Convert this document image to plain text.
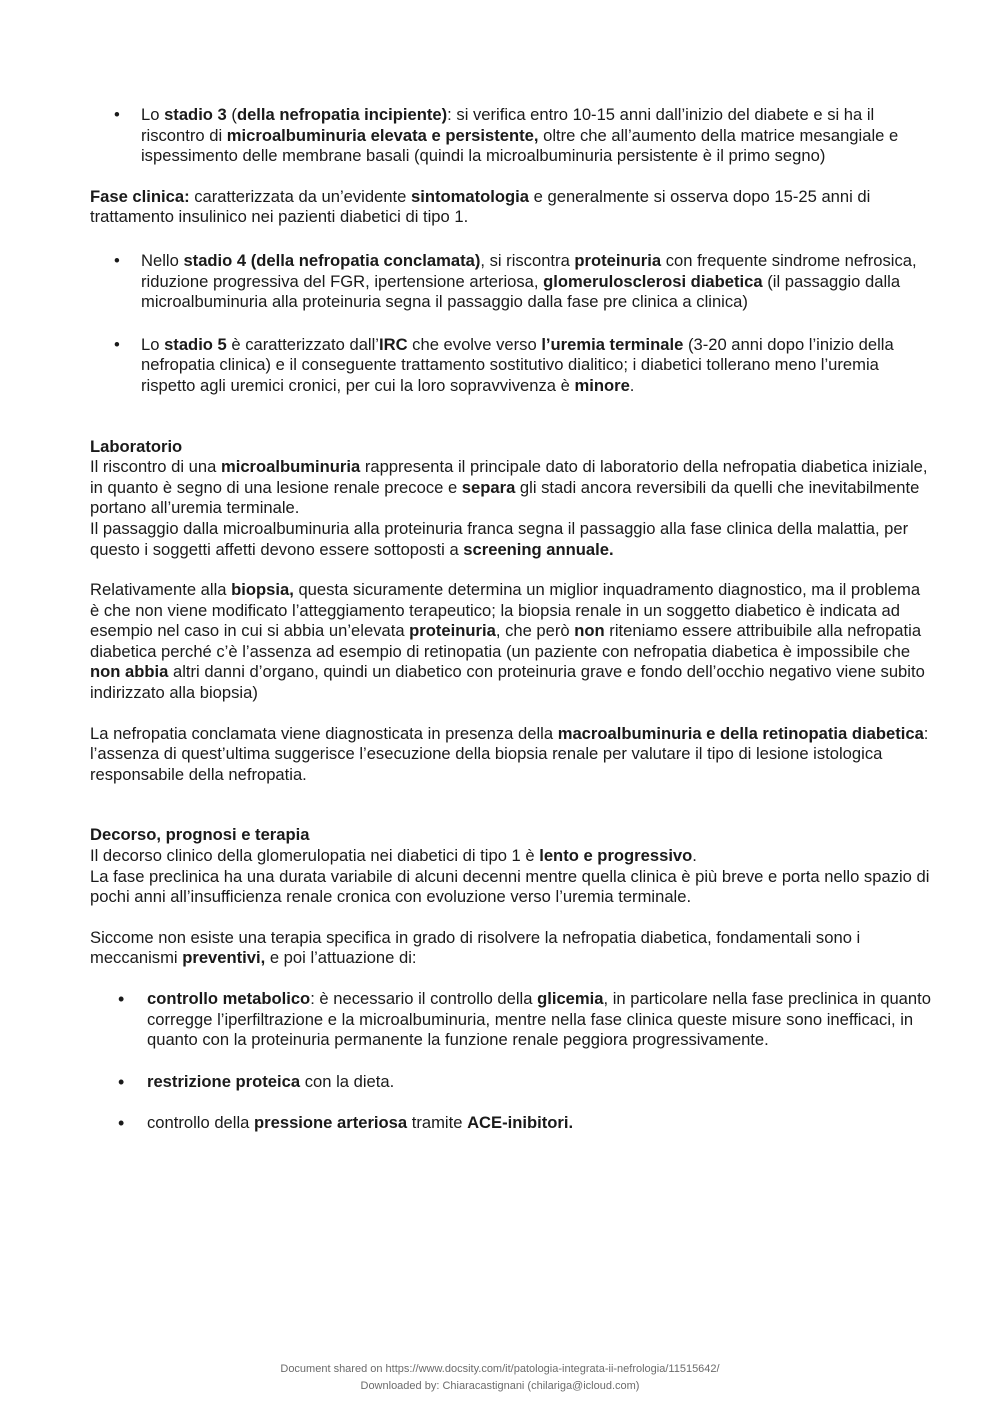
• Lo stadio 3 (della nefropatia incipiente): si verifica entro 10-15 anni dall’inizio del diabete e si ha il riscontro di microalbuminuria elevata e persistente, oltre che all’aumento della matrice mesangiale e ispessimento delle membrane basali (quindi la microalbuminuria persistente è il primo segno)

Fase clinica: caratterizzata da un’evidente sintomatologia e generalmente si osserva dopo 15-25 anni di trattamento insulinico nei pazienti diabetici di tipo 1.

• Nello stadio 4 (della nefropatia conclamata), si riscontra proteinuria con frequente sindrome nefrosica, riduzione progressiva del FGR, ipertensione arteriosa, glomerulosclerosi diabetica (il passaggio dalla microalbuminuria alla proteinuria segna il passaggio dalla fase pre clinica a clinica)
• Lo stadio 5 è caratterizzato dall’IRC che evolve verso l’uremia terminale (3-20 anni dopo l’inizio della nefropatia clinica) e il conseguente trattamento sostitutivo dialitico; i diabetici tollerano meno l’uremia rispetto agli uremici cronici, per cui la loro sopravvivenza è minore.

Laboratorio

Il riscontro di una microalbuminuria rappresenta il principale dato di laboratorio della nefropatia diabetica iniziale, in quanto è segno di una lesione renale precoce e separa gli stadi ancora reversibili da quelli che inevitabilmente portano all’uremia terminale.

Il passaggio dalla microalbuminuria alla proteinuria franca segna il passaggio alla fase clinica della malattia, per questo i soggetti affetti devono essere sottoposti a screening annuale.

Relativamente alla biopsia, questa sicuramente determina un miglior inquadramento diagnostico, ma il problema è che non viene modificato l’atteggiamento terapeutico; la biopsia renale in un soggetto diabetico è indicata ad esempio nel caso in cui si abbia un’elevata proteinuria, che però non riteniamo essere attribuibile alla nefropatia diabetica perché c’è l’assenza ad esempio di retinopatia (un paziente con nefropatia diabetica è impossibile che non abbia altri danni d’organo, quindi un diabetico con proteinuria grave e fondo dell’occhio negativo viene subito indirizzato alla biopsia)

La nefropatia conclamata viene diagnosticata in presenza della macroalbuminuria e della retinopatia diabetica: l’assenza di quest’ultima suggerisce l’esecuzione della biopsia renale per valutare il tipo di lesione istologica responsabile della nefropatia.

Decorso, prognosi e terapia

Il decorso clinico della glomerulopatia nei diabetici di tipo 1 è lento e progressivo.

La fase preclinica ha una durata variabile di alcuni decenni mentre quella clinica è più breve e porta nello spazio di pochi anni all’insufficienza renale cronica con evoluzione verso l’uremia terminale.

Siccome non esiste una terapia specifica in grado di risolvere la nefropatia diabetica, fondamentali sono i meccanismi preventivi, e poi l’attuazione di:

• controllo metabolico: è necessario il controllo della glicemia, in particolare nella fase preclinica in quanto corregge l’iperfiltrazione e la microalbuminuria, mentre nella fase clinica queste misure sono inefficaci, in quanto con la proteinuria permanente la funzione renale peggiora progressivamente.
• restrizione proteica con la dieta.
• controllo della pressione arteriosa tramite ACE-inibitori.
Document shared on https://www.docsity.com/it/patologia-integrata-ii-nefrologia/11515642/
Downloaded by: Chiaracastignani (chilariga@icloud.com)
